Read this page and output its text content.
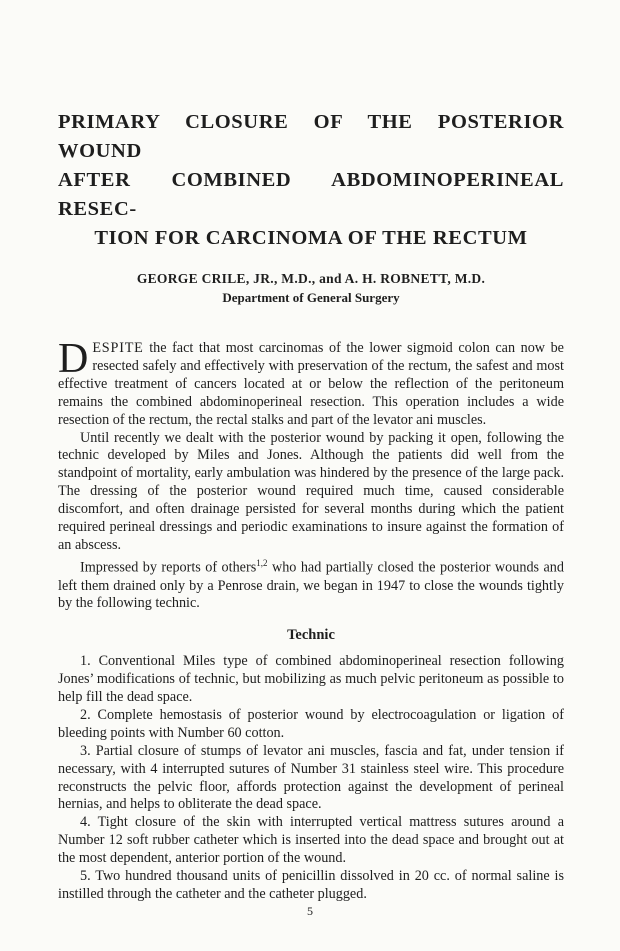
PRIMARY CLOSURE OF THE POSTERIOR WOUND
AFTER COMBINED ABDOMINOPERINEAL RESEC-
TION FOR CARCINOMA OF THE RECTUM
GEORGE CRILE, JR., M.D., and A. H. ROBNETT, M.D.
Department of General Surgery

DESPITE the fact that most carcinomas of the lower sigmoid colon can now be resected safely and effectively with preservation of the rectum, the safest and most effective treatment of cancers located at or below the reflection of the peritoneum remains the combined abdominoperineal resection. This operation includes a wide resection of the rectum, the rectal stalks and part of the levator ani muscles.

Until recently we dealt with the posterior wound by packing it open, following the technic developed by Miles and Jones. Although the patients did well from the standpoint of mortality, early ambulation was hindered by the presence of the large pack. The dressing of the posterior wound required much time, caused considerable discomfort, and often drainage persisted for several months during which the patient required perineal dressings and periodic examinations to insure against the formation of an abscess.

Impressed by reports of others$^{1,2}$ who had partially closed the posterior wounds and left them drained only by a Penrose drain, we began in 1947 to close the wounds tightly by the following technic.

Technic

1. Conventional Miles type of combined abdominoperineal resection following Jones’ modifications of technic, but mobilizing as much pelvic peritoneum as possible to help fill the dead space.

2. Complete hemostasis of posterior wound by electrocoagulation or ligation of bleeding points with Number 60 cotton.

3. Partial closure of stumps of levator ani muscles, fascia and fat, under tension if necessary, with 4 interrupted sutures of Number 31 stainless steel wire. This procedure reconstructs the pelvic floor, affords protection against the development of perineal hernias, and helps to obliterate the dead space.

4. Tight closure of the skin with interrupted vertical mattress sutures around a Number 12 soft rubber catheter which is inserted into the dead space and brought out at the most dependent, anterior portion of the wound.

5. Two hundred thousand units of penicillin dissolved in 20 cc. of normal saline is instilled through the catheter and the catheter plugged.

5
